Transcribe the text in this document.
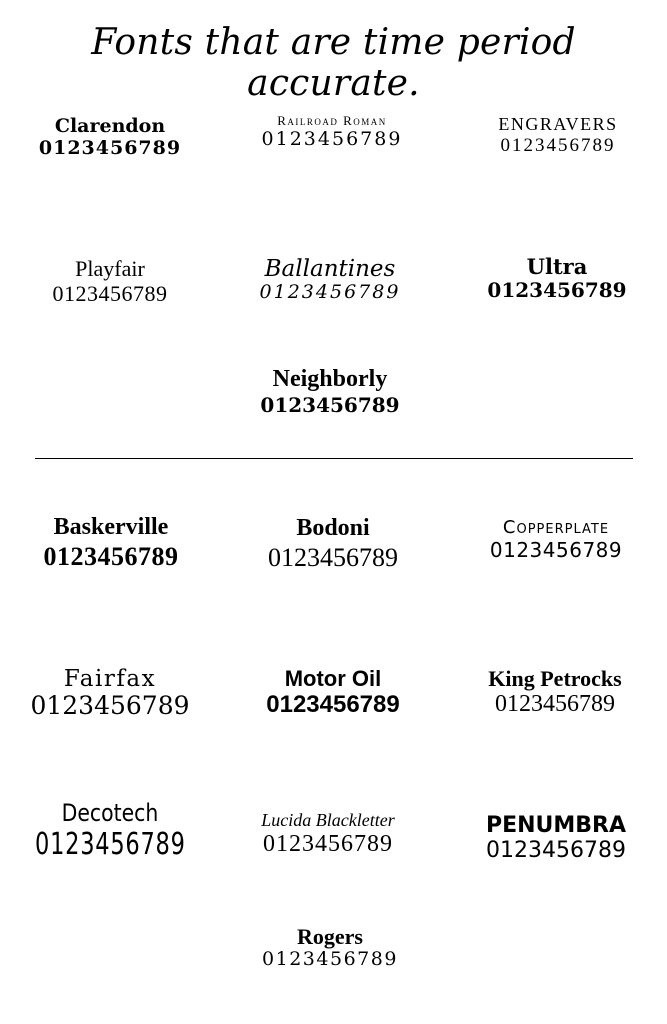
Fonts that are time period accurate.
Clarendon
0123456789
Railroad Roman
0123456789
ENGRAVERS
0123456789
Playfair
0123456789
Ballantines
0123456789
Ultra
0123456789
Neighborly
0123456789
Baskerville
0123456789
Bodoni
0123456789
Copperplate
0123456789
Fairfax
0123456789
Motor Oil
0123456789
King Petrocks
0123456789
Decotech
0123456789
Lucida Blackletter
0123456789
PENUMBRA
0123456789
Rogers
0123456789
